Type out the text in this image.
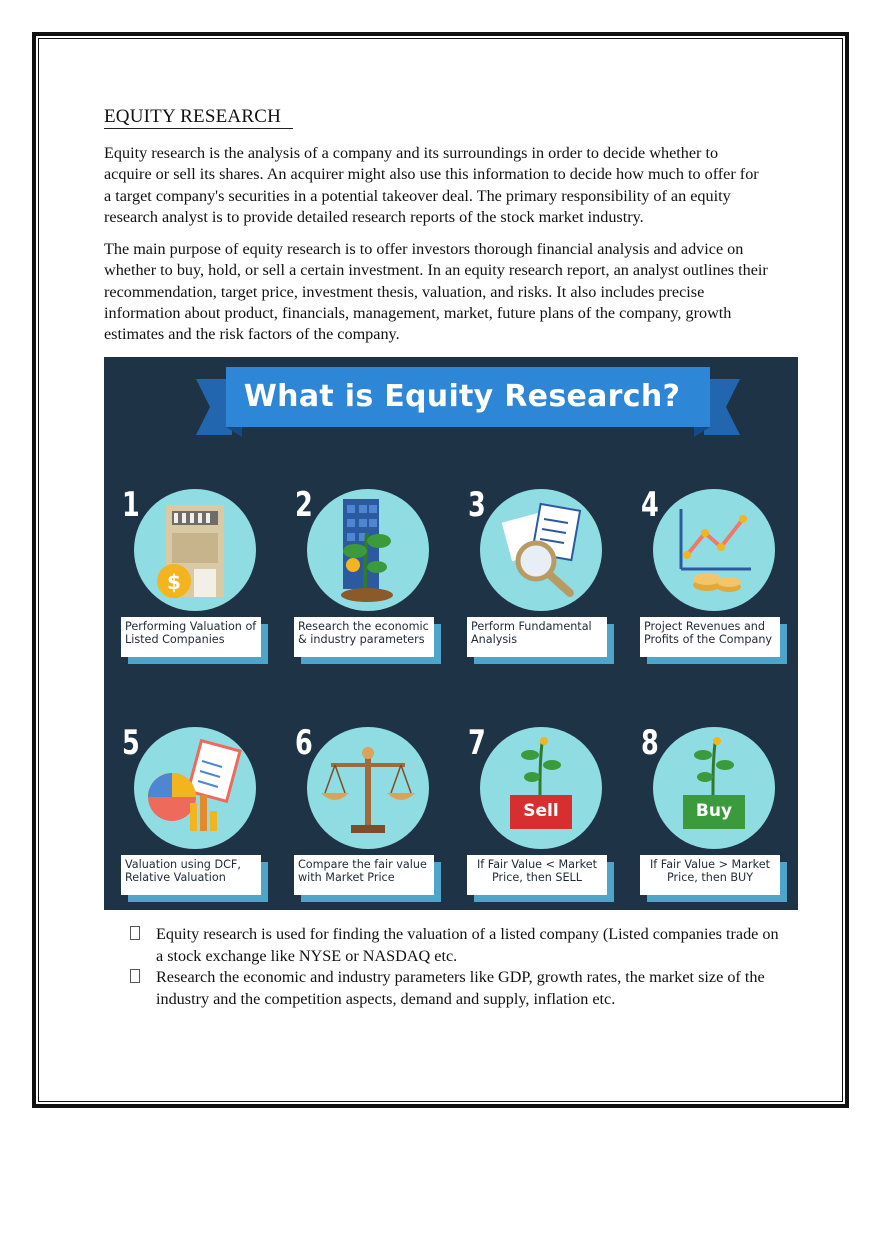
EQUITY RESEARCH

Equity research is the analysis of a company and its surroundings in order to decide whether to acquire or sell its shares. An acquirer might also use this information to decide how much to offer for a target company's securities in a potential takeover deal. The primary responsibility of an equity research analyst is to provide detailed research reports of the stock market industry.

The main purpose of equity research is to offer investors thorough financial analysis and advice on whether to buy, hold, or sell a certain investment. In an equity research report, an analyst outlines their recommendation, target price, investment thesis, valuation, and risks. It also includes precise information about product, financials, management, market, future plans of the company, growth estimates and the risk factors of the company.

What is Equity Research?
1
$
Performing Valuation of Listed Companies
2
Research the economic & industry parameters
3
Perform Fundamental Analysis
4
Project Revenues and Profits of the Company
5
Valuation using DCF, Relative Valuation
6
Compare the fair value with Market Price
7
Sell
If Fair Value < Market Price, then SELL
8
Buy
If Fair Value > Market Price, then BUY
Equity research is used for finding the valuation of a listed company (Listed companies trade on a stock exchange like NYSE or NASDAQ etc.
Research the economic and industry parameters like GDP, growth rates, the market size of the industry and the competition aspects, demand and supply, inflation etc.
